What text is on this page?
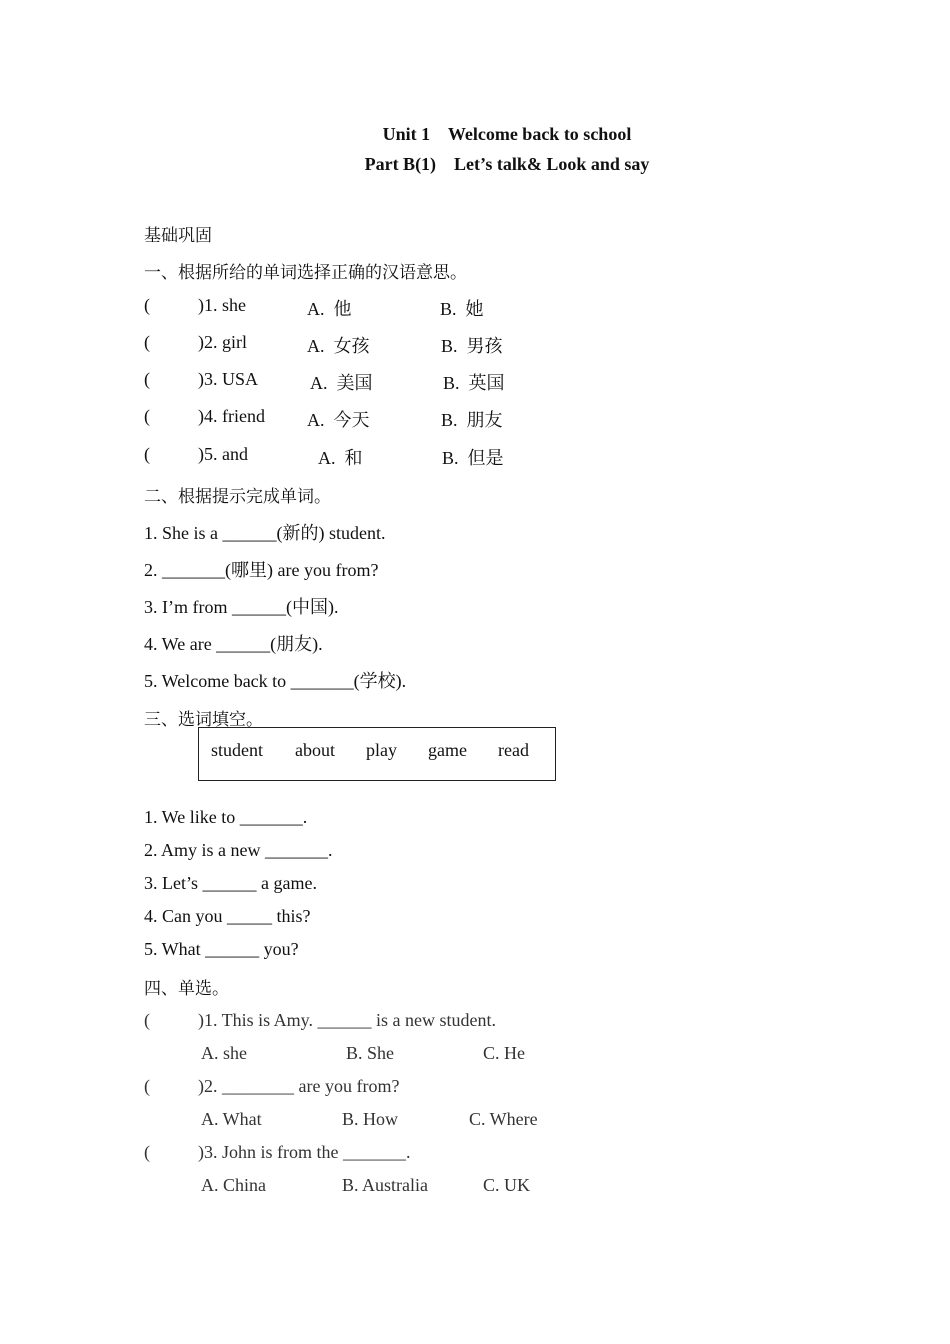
Unit 1    Welcome back to school
Part B(1)    Let’s talk& Look and say
基础巩固
一、根据所给的单词选择正确的汉语意思。
(	)1. she	A.  他	B.  她
(	)2. girl	A.  女孩	B.  男孩
(	)3. USA	A.  美国	B.  英国
(	)4. friend A.  今天	B.  朋友
(	)5. and	A.  和	B.  但是
二、根据提示完成单词。
1. She is a ______(新的) student.
2. _______(哪里) are you from?
3. I’m from ______(中国).
4. We are ______(朋友).
5. Welcome back to _______(学校).
三、选词填空。
student about play game read
1. We like to _______.
2. Amy is a new _______.
3. Let’s ______ a game.
4. Can you _____ this?
5. What ______ you?
四、单选。
(	)1. This is Amy. ______ is a new student.
A. she	B. She	C. He
(	)2. ________ are you from?
A. What	B. How	C. Where
(	)3. John is from the _______.
A. China	B. Australia	C. UK
